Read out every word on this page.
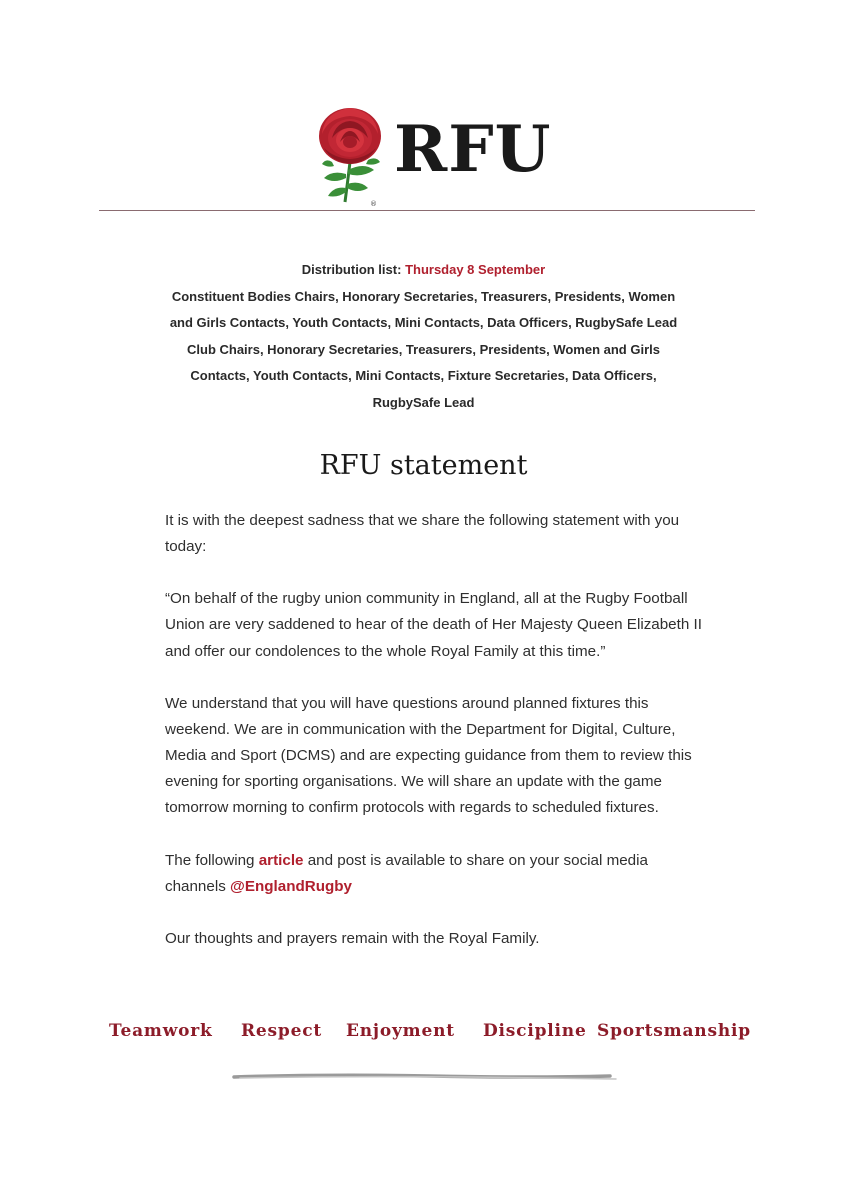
®
RFU
Distribution list: Thursday 8 September
Constituent Bodies Chairs, Honorary Secretaries, Treasurers, Presidents, Women
and Girls Contacts, Youth Contacts, Mini Contacts, Data Officers, RugbySafe Lead
Club Chairs, Honorary Secretaries, Treasurers, Presidents, Women and Girls
Contacts, Youth Contacts, Mini Contacts, Fixture Secretaries, Data Officers,
RugbySafe Lead
RFU statement

It is with the deepest sadness that we share the following statement with you today:

“On behalf of the rugby union community in England, all at the Rugby Football Union are very saddened to hear of the death of Her Majesty Queen Elizabeth II and offer our condolences to the whole Royal Family at this time.”

We understand that you will have questions around planned fixtures this weekend. We are in communication with the Department for Digital, Culture, Media and Sport (DCMS) and are expecting guidance from them to review this evening for sporting organisations. We will share an update with the game tomorrow morning to confirm protocols with regards to scheduled fixtures.

The following article and post is available to share on your social media channels @EnglandRugby

Our thoughts and prayers remain with the Royal Family.

Teamwork Respect Enjoyment Discipline Sportsmanship
